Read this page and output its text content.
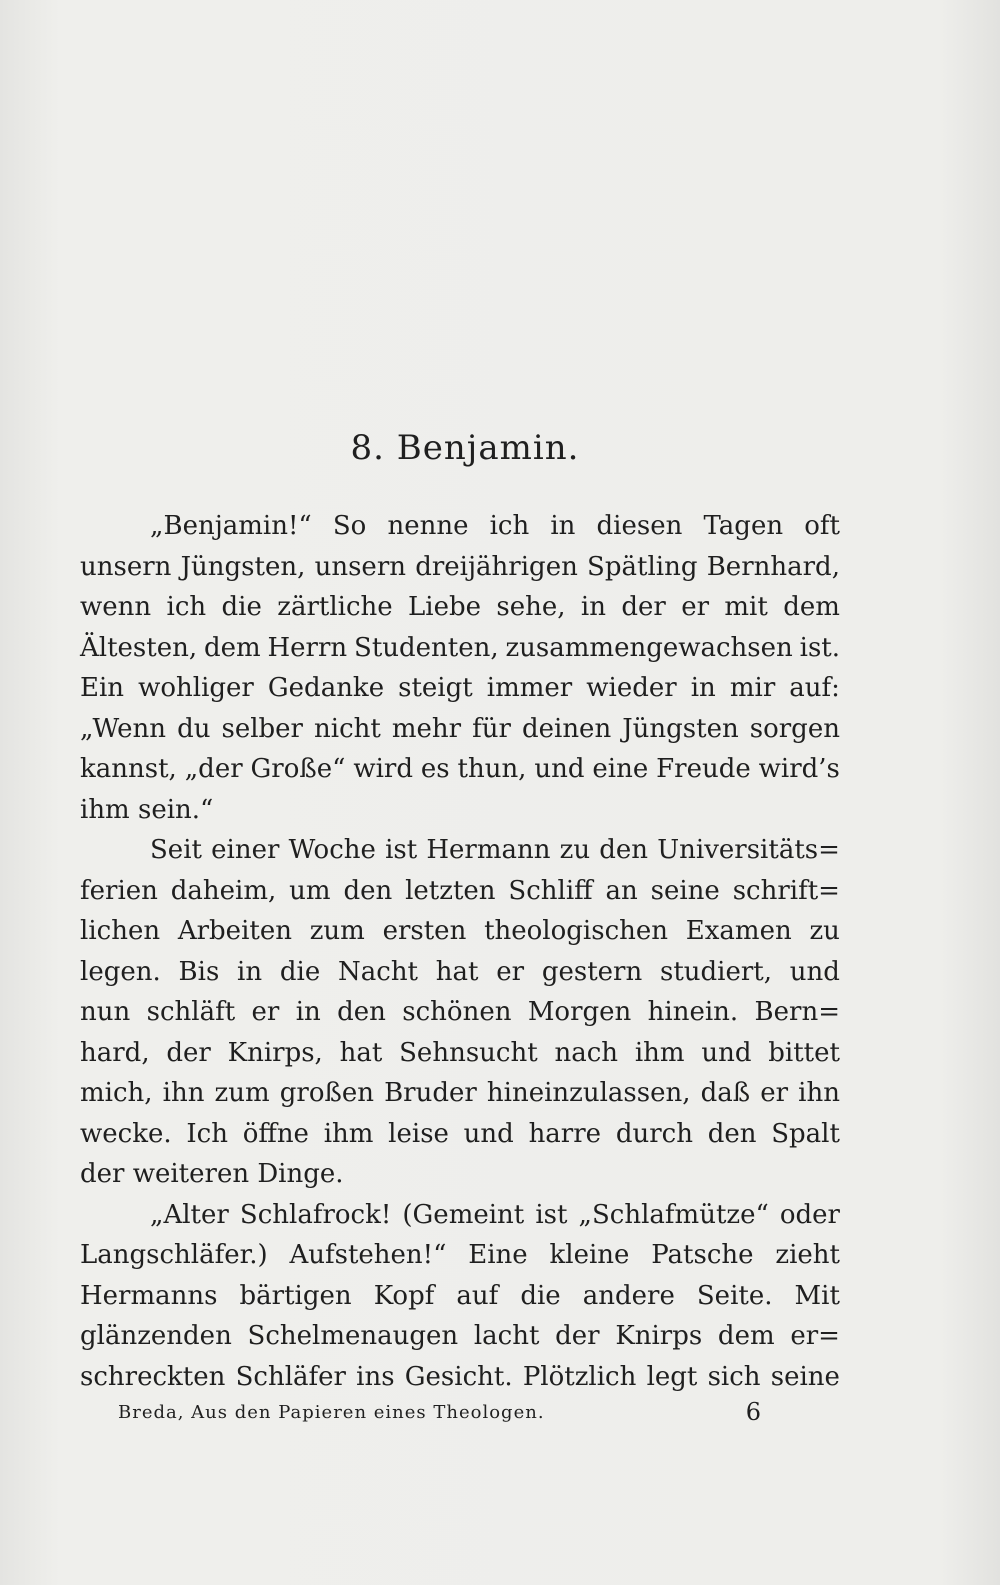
8. Benjamin.
„Benjamin!“ So nenne ich in diesen Tagen oft
unsern Jüngsten, unsern dreijährigen Spätling Bernhard,
wenn ich die zärtliche Liebe sehe, in der er mit dem
Ältesten, dem Herrn Studenten, zusammengewachsen ist.
Ein wohliger Gedanke steigt immer wieder in mir auf:
„Wenn du selber nicht mehr für deinen Jüngsten sorgen
kannst, „der Große“ wird es thun, und eine Freude wird’s
ihm sein.“
Seit einer Woche ist Hermann zu den Universitäts=
ferien daheim, um den letzten Schliff an seine schrift=
lichen Arbeiten zum ersten theologischen Examen zu
legen. Bis in die Nacht hat er gestern studiert, und
nun schläft er in den schönen Morgen hinein. Bern=
hard, der Knirps, hat Sehnsucht nach ihm und bittet
mich, ihn zum großen Bruder hineinzulassen, daß er ihn
wecke. Ich öffne ihm leise und harre durch den Spalt
der weiteren Dinge.
„Alter Schlafrock! (Gemeint ist „Schlafmütze“ oder
Langschläfer.) Aufstehen!“ Eine kleine Patsche zieht
Hermanns bärtigen Kopf auf die andere Seite. Mit
glänzenden Schelmenaugen lacht der Knirps dem er=
schreckten Schläfer ins Gesicht. Plötzlich legt sich seine
Breda, Aus den Papieren eines Theologen.	6
